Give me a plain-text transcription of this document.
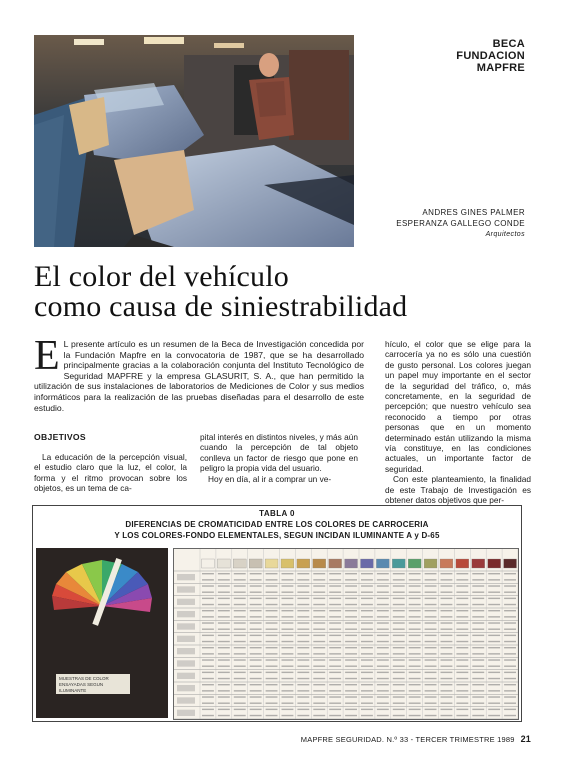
BECA
FUNDACION
MAPFRE
ANDRES GINES PALMER
ESPERANZA GALLEGO CONDE
Arquitectos
El color del vehículo
como causa de siniestrabilidad
E L presente artículo es un resumen de la Beca de Investigación concedida por la Fundación Mapfre en la convocatoria de 1987, que se ha desarrollado principalmente gracias a la colaboración conjunta del Instituto Tecnológico de Seguridad MAPFRE y la empresa GLASURIT, S. A., que han permitido la utilización de sus instalaciones de laboratorios de Mediciones de Color y sus medios informáticos para la realización de las pruebas diseñadas para el desarrollo de este estudio.

hículo, el color que se elige para la carrocería ya no es sólo una cuestión de gusto personal. Los colores juegan un papel muy importante en el sector de la seguridad del tráfico, o, más concretamente, en la seguridad de percepción; que nuestro vehículo sea reconocido a tiempo por otras personas que en un momento determinado están utilizando la misma vía constituye, en las condiciones actuales, un importante factor de seguridad.

Con este planteamiento, la finalidad de este Trabajo de Investigación es obtener datos objetivos que per-

OBJETIVOS

La educación de la percepción visual, el estudio claro que la luz, el color, la forma y el ritmo provocan sobre los objetos, es un tema de ca-

pital interés en distintos niveles, y más aún cuando la percepción de tal objeto conlleva un factor de riesgo que pone en peligro la propia vida del usuario.

Hoy en día, al ir a comprar un ve-

TABLA 0
DIFERENCIAS DE CROMATICIDAD ENTRE LOS COLORES DE CARROCERIA
Y LOS COLORES-FONDO ELEMENTALES, SEGUN INCIDAN ILUMINANTE A y D-65
MUESTRAS DE COLOR
ENSAYADAS SEGUN ILUMINANTE
MAPFRE SEGURIDAD. N.º 33 - TERCER TRIMESTRE 1989 21
